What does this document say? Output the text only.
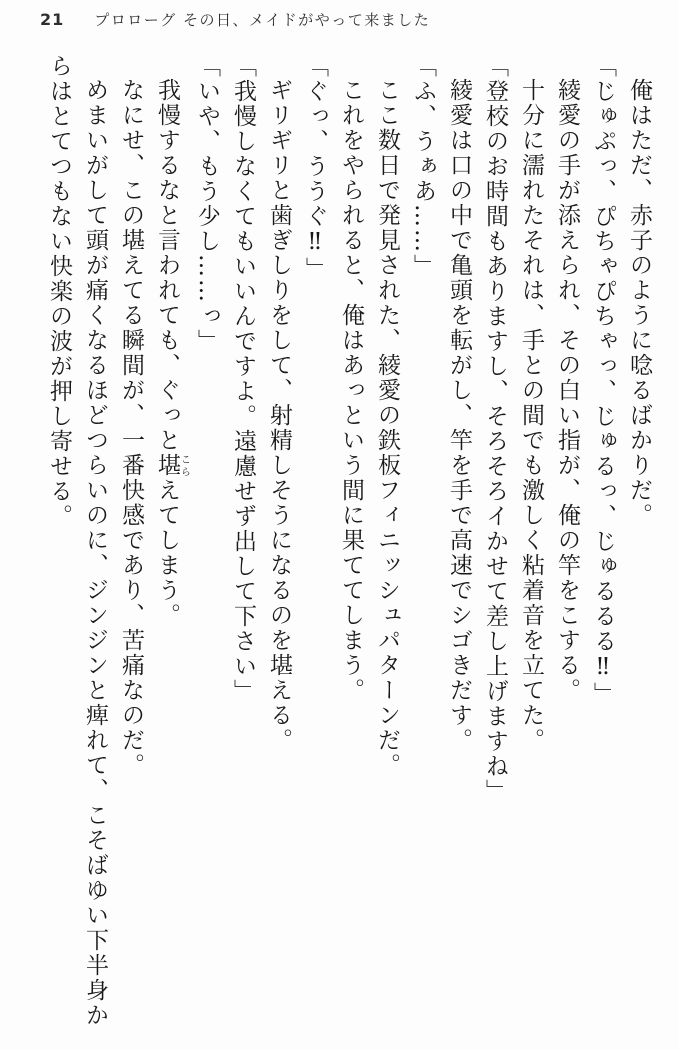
21 プロローグ その日、メイドがやって来ました

俺はただ、赤子のように唸るばかりだ。

「じゅぷっ、ぴちゃぴちゃっ、じゅるっ、じゅるるる‼」

綾愛の手が添えられ、その白い指が、俺の竿をこする。

十分に濡れたそれは、手との間でも激しく粘着音を立てた。

「登校のお時間もありますし、そろそろイかせて差し上げますね」

綾愛は口の中で亀頭を転がし、竿を手で高速でシゴきだす。

「ふ、うぁあ……」

ここ数日で発見された、綾愛の鉄板フィニッシュパターンだ。

これをやられると、俺はあっという間に果ててしまう。

「ぐっ、ううぐ‼」

ギリギリと歯ぎしりをして、射精しそうになるのを堪える。

「我慢しなくてもいいんですよ。遠慮せず出して下さい」

「いや、もう少し……っ」

我慢するなと言われても、ぐっと堪こらえてしまう。

なにせ、この堪えてる瞬間が、一番快感であり、苦痛なのだ。

めまいがして頭が痛くなるほどつらいのに、ジンジンと痺れて、こそばゆい下半身からはとてつもない快楽の波が押し寄せる。
